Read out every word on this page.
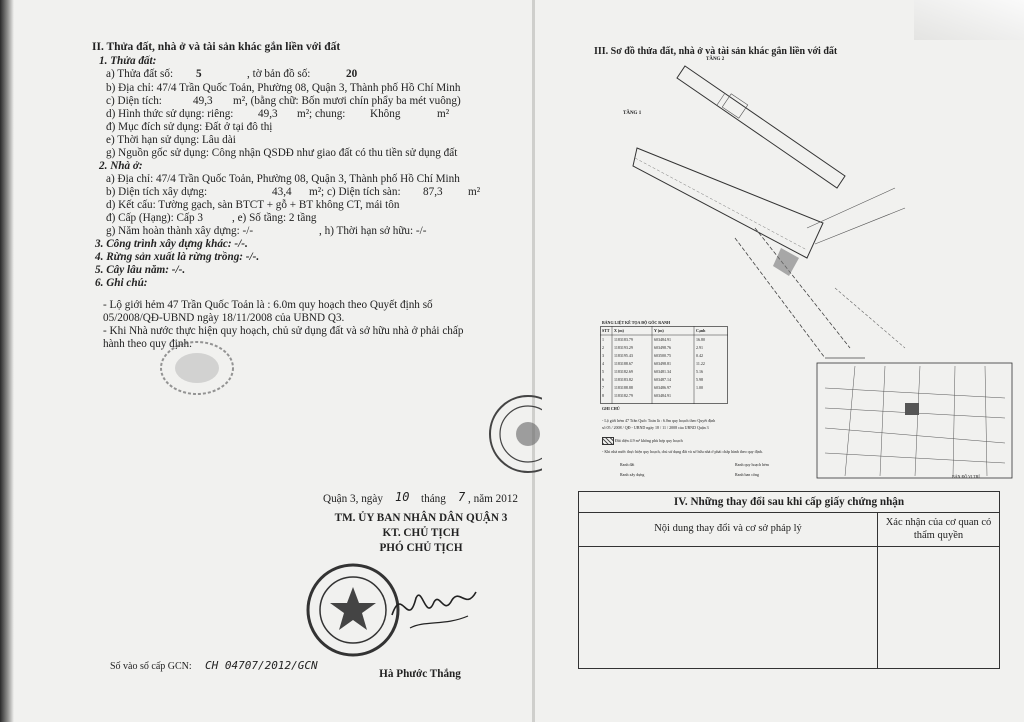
II. Thửa đất, nhà ở và tài sản khác gắn liền với đất
1. Thửa đất:
a) Thửa đất số: 5	, tờ bản đồ số:	20
b) Địa chỉ: 47/4 Trần Quốc Toản, Phường 08, Quận 3, Thành phố Hồ Chí Minh
c) Diện tích:	49,3 m², (bằng chữ: Bốn mươi chín phẩy ba mét vuông)
d) Hình thức sử dụng: riêng: 49,3 m²; chung: Không	m²
đ) Mục đích sử dụng: Đất ở tại đô thị
e) Thời hạn sử dụng: Lâu dài
g) Nguồn gốc sử dụng: Công nhận QSDĐ như giao đất có thu tiền sử dụng đất
2. Nhà ở:
a) Địa chỉ: 47/4 Trần Quốc Toản, Phường 08, Quận 3, Thành phố Hồ Chí Minh
b) Diện tích xây dựng:	43,4 m²; c) Diện tích sàn: 87,3 m²
d) Kết cấu: Tường gạch, sàn BTCT + gỗ + BT không CT, mái tôn
đ) Cấp (Hạng): Cấp 3	, e) Số tầng: 2 tầng
g) Năm hoàn thành xây dựng: -/-	, h) Thời hạn sở hữu: -/-
3. Công trình xây dựng khác: -/-.
4. Rừng sản xuất là rừng trồng: -/-.
5. Cây lâu năm: -/-.
6. Ghi chú:
- Lộ giới hẻm 47 Trần Quốc Toản là : 6.0m quy hoạch theo Quyết định số
05/2008/QĐ-UBND ngày 18/11/2008 của UBND Q3.
- Khi Nhà nước thực hiện quy hoạch, chủ sử dụng đất và sở hữu nhà ở phải chấp
hành theo quy định.
Quận 3, ngày 10 tháng 7 , năm 2012
TM. ỦY BAN NHÂN DÂN QUẬN 3
KT. CHỦ TỊCH
PHÓ CHỦ TỊCH
Hà Phước Thắng
Số vào sổ cấp GCN: CH 04707/2012/GCN
III. Sơ đồ thửa đất, nhà ở và tài sản khác gắn liền với đất
TẦNG 2
TẦNG 1
BẢN ĐỒ VỊ TRÍ
BẢNG LIỆT KÊ TỌA ĐỘ GÓC RANH
STT X (m)	Y (m)	Cạnh
1	1183183.79	603484.91	16.80
2	1183193.29	603498.76	2.91
3	1183195.43	603500.75	0.42
4	1183188.67	603498.81	11.22
5	1183182.69	603481.34	5.16
6	1183183.82	603487.14	5.98
7	1183188.88	603486.97	1.00
8	1183182.79	603484.91
GHI CHÚ
- Lộ giới hẻm 47 Trần Quốc Toản là : 6.0m quy hoạch theo Quyết định
số 05 / 2008 / QĐ - UBND ngày 18 / 11 / 2008 của UBND Quận 3
Đất diện 4.9 m² không phù hợp quy hoạch
- Khi nhà nước thực hiện quy hoạch, chủ sử dụng đất và sở hữu nhà ở phải chấp hành theo quy định.
Ranh đất	Ranh quy hoạch hẻm
Ranh xây dựng	Ranh ban công
IV. Những thay đổi sau khi cấp giấy chứng nhận
Nội dung thay đổi và cơ sở pháp lý
Xác nhận của cơ quan có thẩm quyền
